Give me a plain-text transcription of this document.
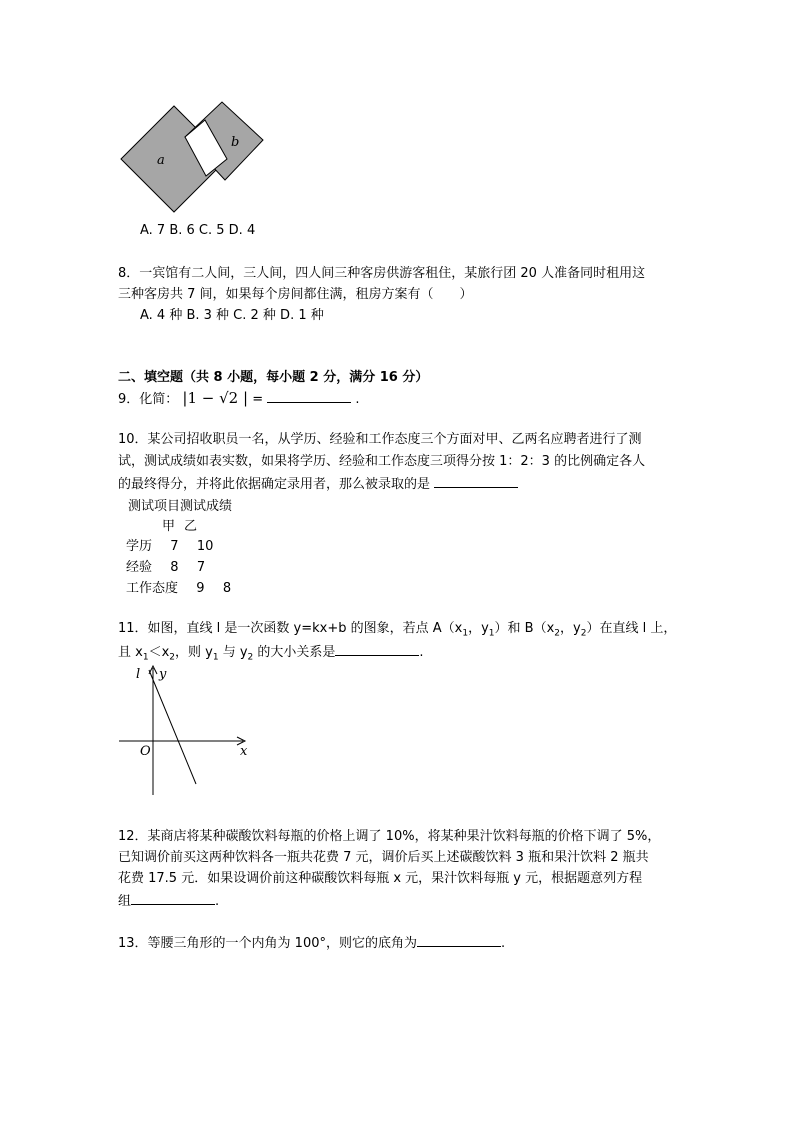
a
b
A. 7 B. 6 C. 5 D. 4
8．一宾馆有二人间，三人间，四人间三种客房供游客租住，某旅行团 20 人准备同时租用这
三种客房共 7 间，如果每个房间都住满，租房方案有（　　）
A. 4 种 B. 3 种 C. 2 种 D. 1 种
二、填空题（共 8 小题，每小题 2 分，满分 16 分）
9．化简： |1 − √2 | =	.
10．某公司招收职员一名，从学历、经验和工作态度三个方面对甲、乙两名应聘者进行了测
试，测试成绩如表实数，如果将学历、经验和工作态度三项得分按 1：2：3 的比例确定各人
的最终得分，并将此依据确定录用者，那么被录取的是
测试项目测试成绩
	甲	乙
学历 7 10
经验 8 7
工作态度 9 8
11．如图，直线 l 是一次函数 y=kx+b 的图象，若点 $A(x_1$，$y_1$）和 $B(x_2$，$y_2$）在直线 l 上，
且 $x_1<x_2$，则 $y_1$ 与 $y_2$ 的大小关系是	.
l y
O	x
12．某商店将某种碳酸饮料每瓶的价格上调了 10%，将某种果汁饮料每瓶的价格下调了 5%，
已知调价前买这两种饮料各一瓶共花费 7 元，调价后买上述碳酸饮料 3 瓶和果汁饮料 2 瓶共
花费 17.5 元．如果设调价前这种碳酸饮料每瓶 x 元，果汁饮料每瓶 y 元，根据题意列方程
组	.
13．等腰三角形的一个内角为 100°，则它的底角为	.
